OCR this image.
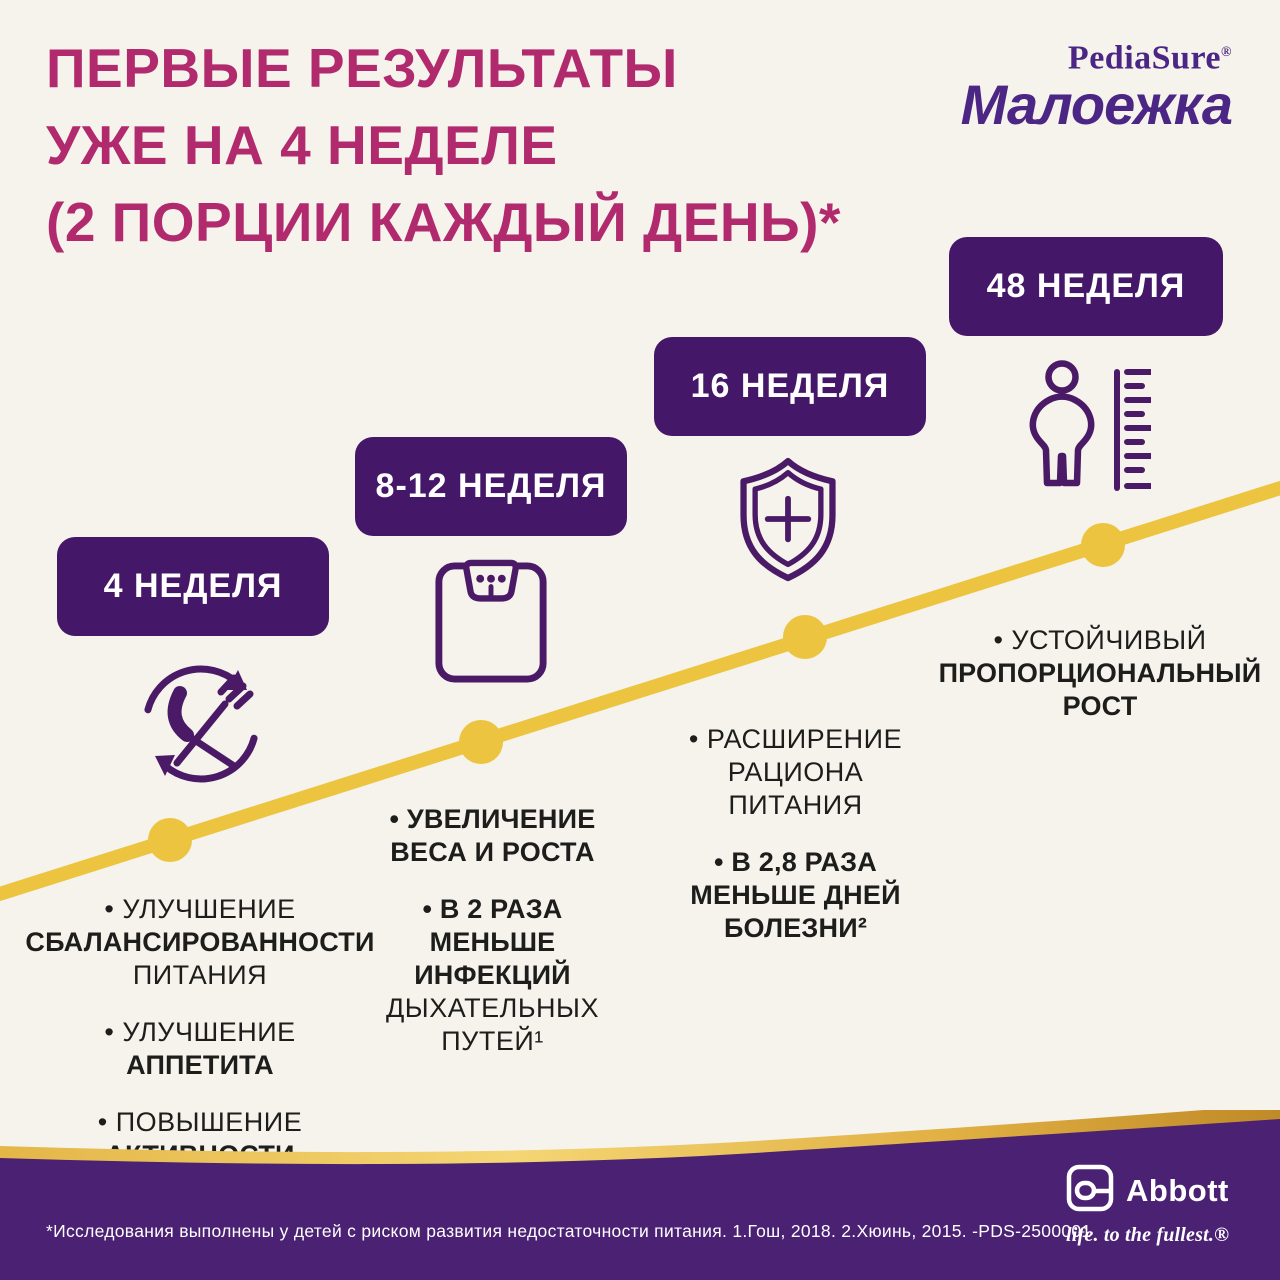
ПЕРВЫЕ РЕЗУЛЬТАТЫ
УЖЕ НА 4 НЕДЕЛЕ
(2 ПОРЦИИ КАЖДЫЙ ДЕНЬ)*
PediaSure®
Малоежка
4 НЕДЕЛЯ
• УЛУЧШЕНИЕ
СБАЛАНСИРОВАННОСТИ
ПИТАНИЯ
• УЛУЧШЕНИЕ
АППЕТИТА
• ПОВЫШЕНИЕ
8-12 НЕДЕЛЯ
• УВЕЛИЧЕНИЕ
ВЕСА И РОСТА
• В 2 РАЗА
МЕНЬШЕ
ИНФЕКЦИЙ
ДЫХАТЕЛЬНЫХ
ПУТЕЙ¹
16 НЕДЕЛЯ
• РАСШИРЕНИЕ
РАЦИОНА
ПИТАНИЯ
• В 2,8 РАЗА
МЕНЬШЕ ДНЕЙ
БОЛЕЗНИ²
48 НЕДЕЛЯ
• УСТОЙЧИВЫЙ
ПРОПОРЦИОНАЛЬНЫЙ
РОСТ
*Исследования выполнены у детей с риском развития недостаточности питания. 1.Гош, 2018. 2.Хюинь, 2015. -PDS-2500001
Abbott
life. to the fullest.®
